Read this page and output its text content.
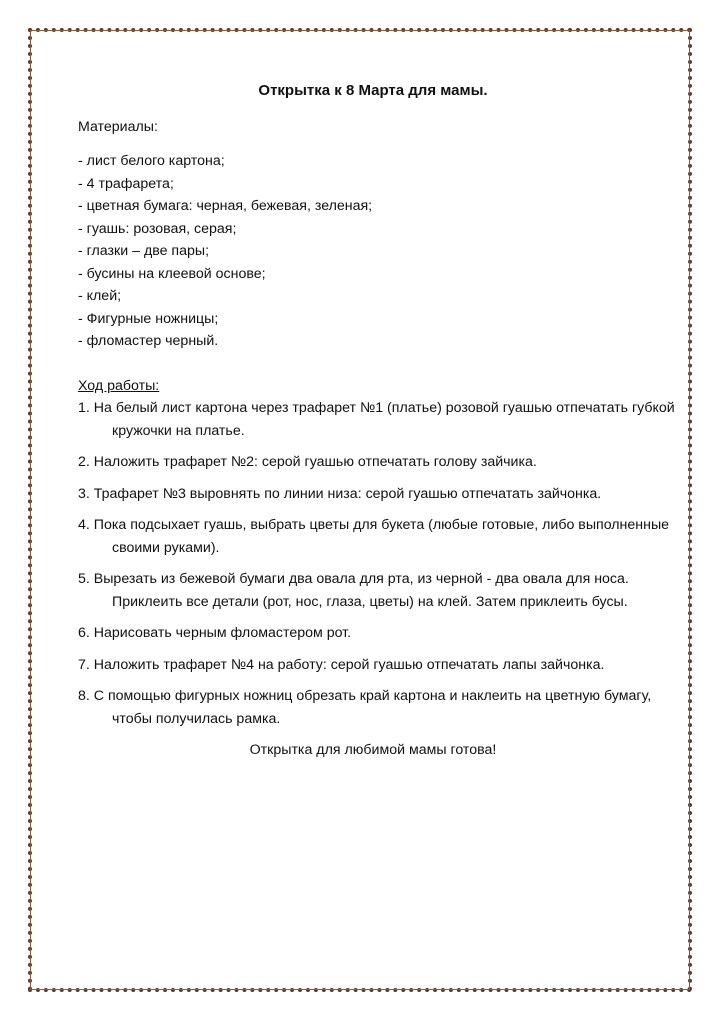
Открытка к 8 Марта для мамы.

Материалы:

- лист белого картона;
- 4 трафарета;
- цветная бумага: черная, бежевая, зеленая;
- гуашь: розовая, серая;
- глазки – две пары;
- бусины на клеевой основе;
- клей;
- Фигурные ножницы;
- фломастер черный.

Ход работы:

1. На белый лист картона через трафарет №1 (платье) розовой гуашью отпечатать губкой кружочки на платье.
2. Наложить трафарет №2: серой гуашью отпечатать голову зайчика.
3. Трафарет №3 выровнять по линии низа: серой гуашью отпечатать зайчонка.
4. Пока подсыхает гуашь, выбрать цветы для букета (любые готовые, либо выполненные своими руками).
5. Вырезать из бежевой бумаги два овала для рта, из черной - два овала для носа. Приклеить все детали (рот, нос, глаза, цветы) на клей. Затем приклеить бусы.
6. Нарисовать черным фломастером рот.
7. Наложить трафарет №4 на работу: серой гуашью отпечатать лапы зайчонка.
8. С помощью фигурных ножниц обрезать край картона и наклеить на цветную бумагу, чтобы получилась рамка.

Открытка для любимой мамы готова!
